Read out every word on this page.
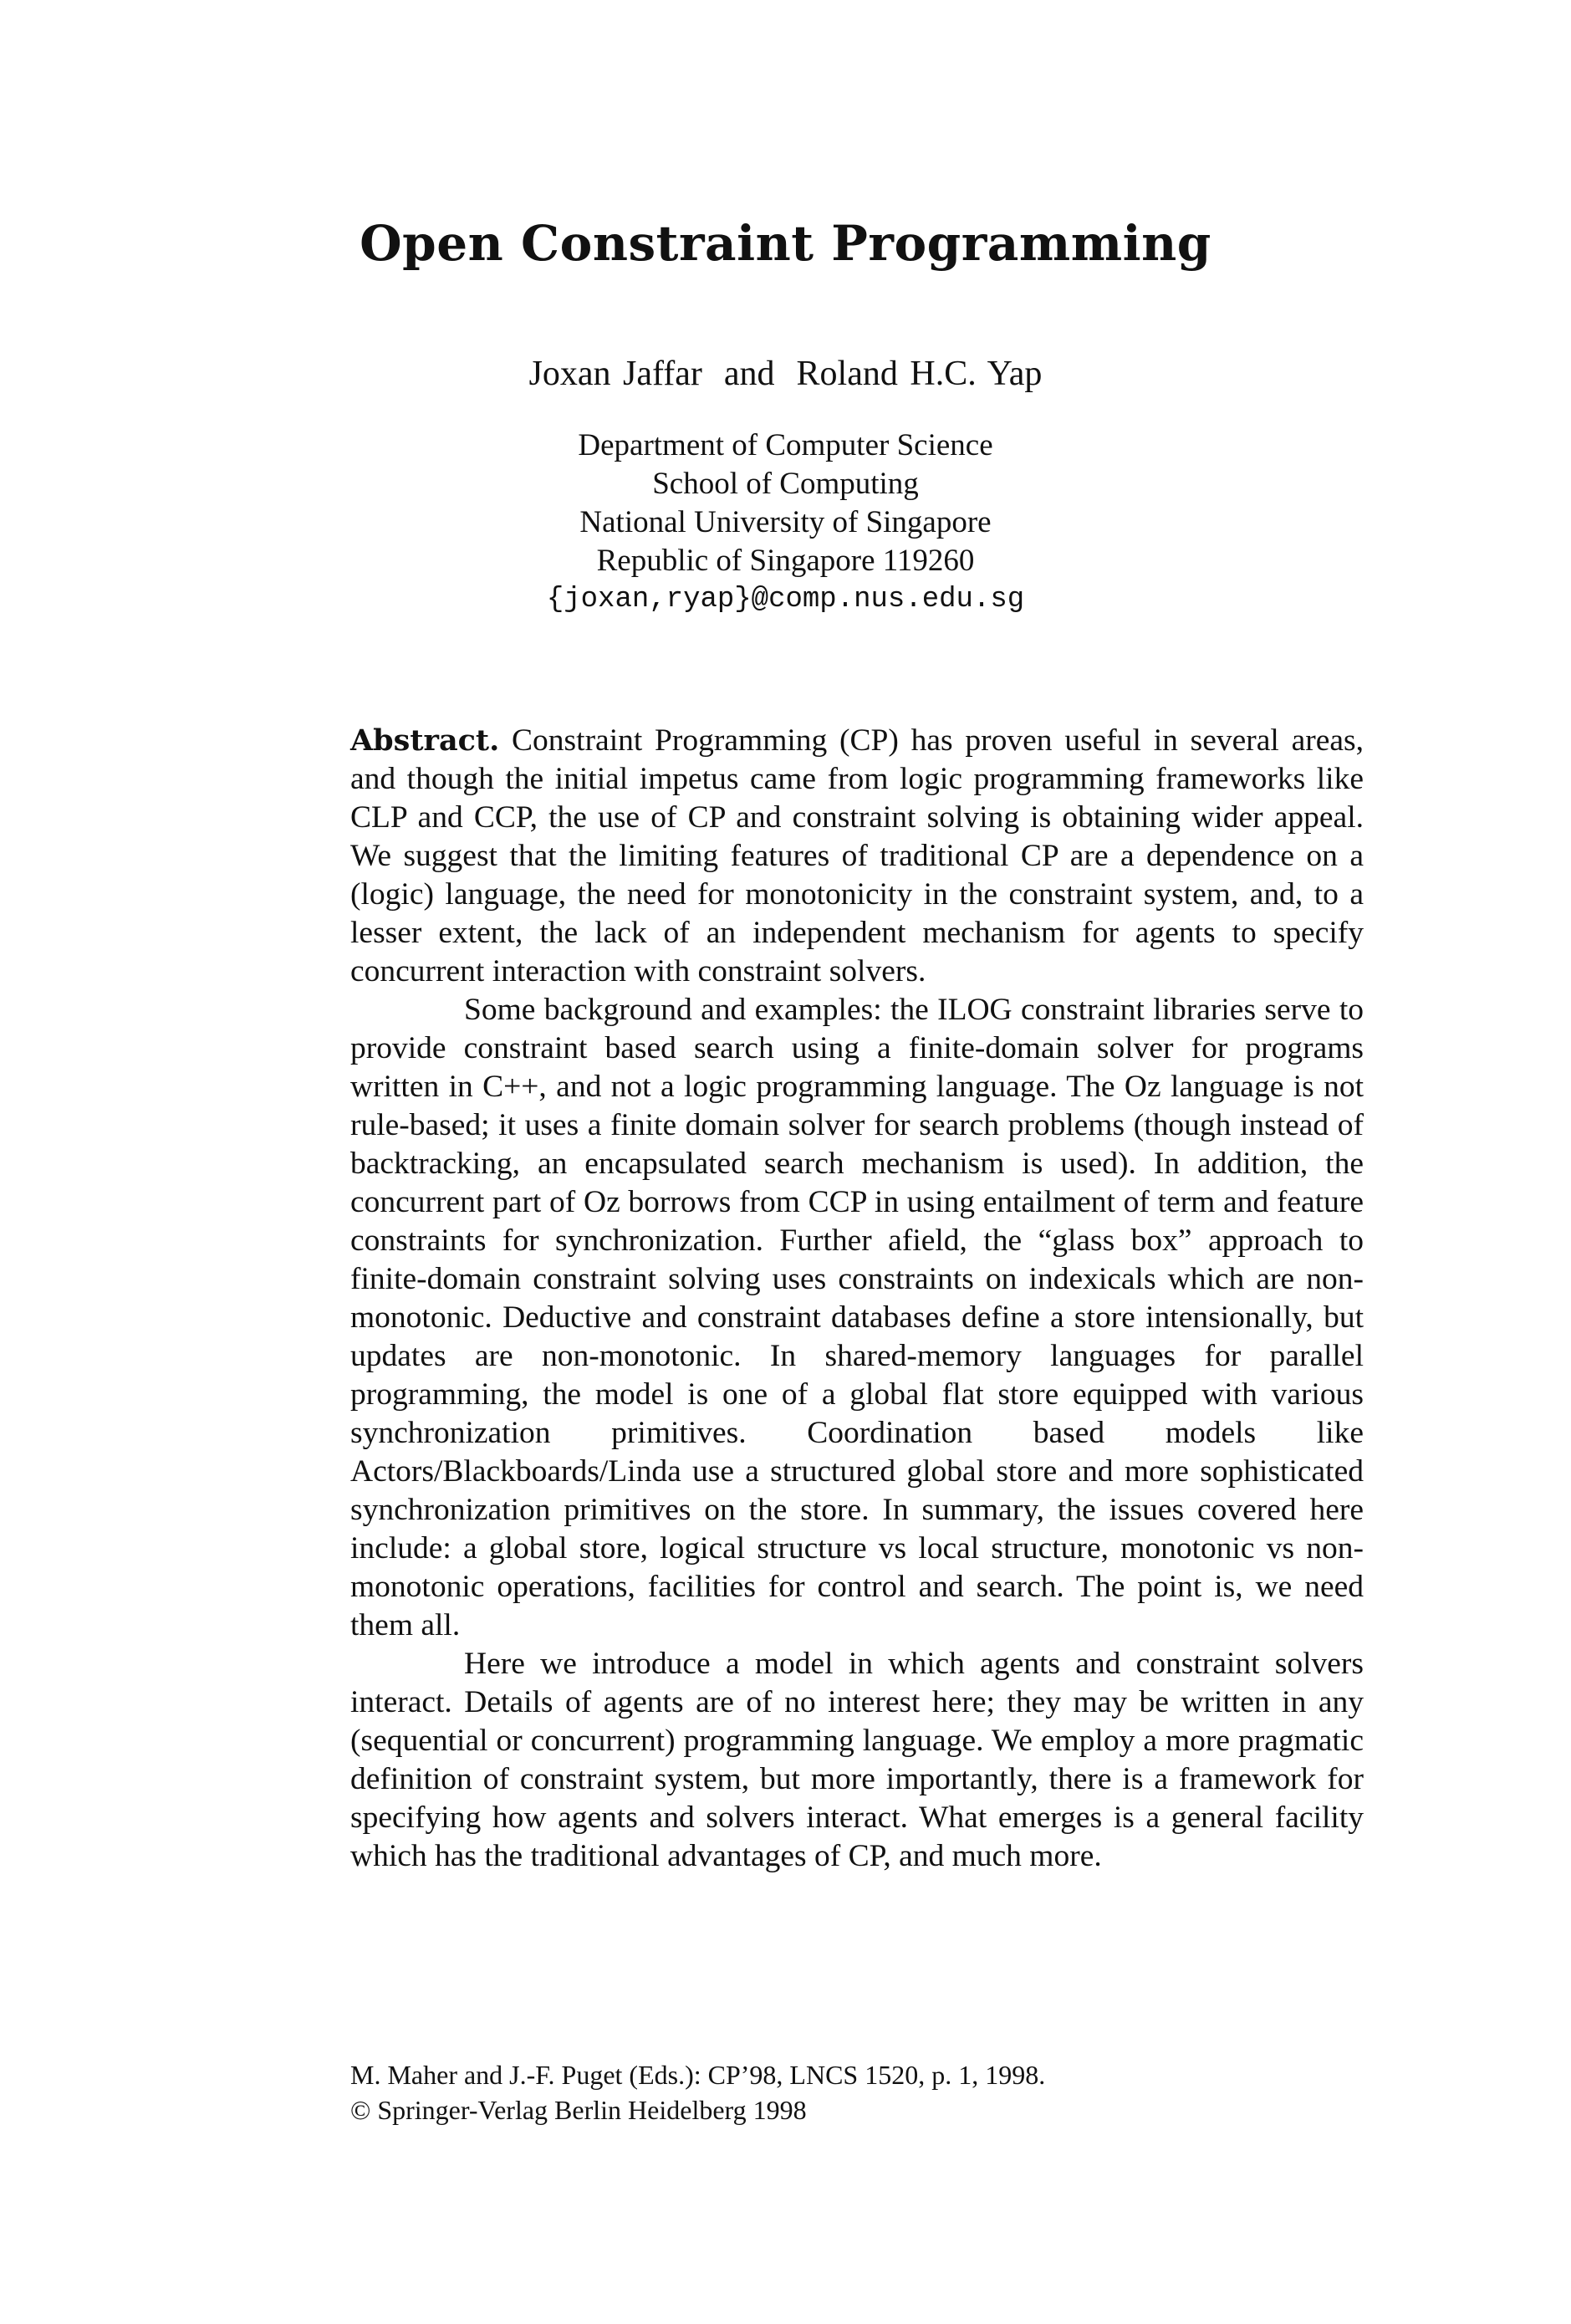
Open Constraint Programming
Joxan Jaffar and Roland H.C. Yap
Department of Computer Science
School of Computing
National University of Singapore
Republic of Singapore 119260
{joxan,ryap}@comp.nus.edu.sg

Abstract. Constraint Programming (CP) has proven useful in several areas, and though the initial impetus came from logic programming frameworks like CLP and CCP, the use of CP and constraint solving is obtaining wider appeal. We suggest that the limiting features of traditional CP are a dependence on a (logic) language, the need for monotonicity in the constraint system, and, to a lesser extent, the lack of an independent mechanism for agents to specify concurrent interaction with constraint solvers.

Some background and examples: the ILOG constraint libraries serve to provide constraint based search using a finite-domain solver for programs written in C++, and not a logic programming language. The Oz language is not rule-based; it uses a finite domain solver for search problems (though instead of backtracking, an encapsulated search mechanism is used). In addition, the concurrent part of Oz borrows from CCP in using entailment of term and feature constraints for synchronization. Further afield, the “glass box” approach to finite-domain constraint solving uses constraints on indexicals which are non-monotonic. Deductive and constraint databases define a store intensionally, but updates are non-monotonic. In shared-memory languages for parallel programming, the model is one of a global flat store equipped with various synchronization primitives. Coordination based models like Actors/Blackboards/Linda use a structured global store and more sophisticated synchronization primitives on the store. In summary, the issues covered here include: a global store, logical structure vs local structure, monotonic vs non-monotonic operations, facilities for control and search. The point is, we need them all.

Here we introduce a model in which agents and constraint solvers interact. Details of agents are of no interest here; they may be written in any (sequential or concurrent) programming language. We employ a more pragmatic definition of constraint system, but more importantly, there is a framework for specifying how agents and solvers interact. What emerges is a general facility which has the traditional advantages of CP, and much more.

M. Maher and J.-F. Puget (Eds.): CP’98, LNCS 1520, p. 1, 1998.
© Springer-Verlag Berlin Heidelberg 1998
